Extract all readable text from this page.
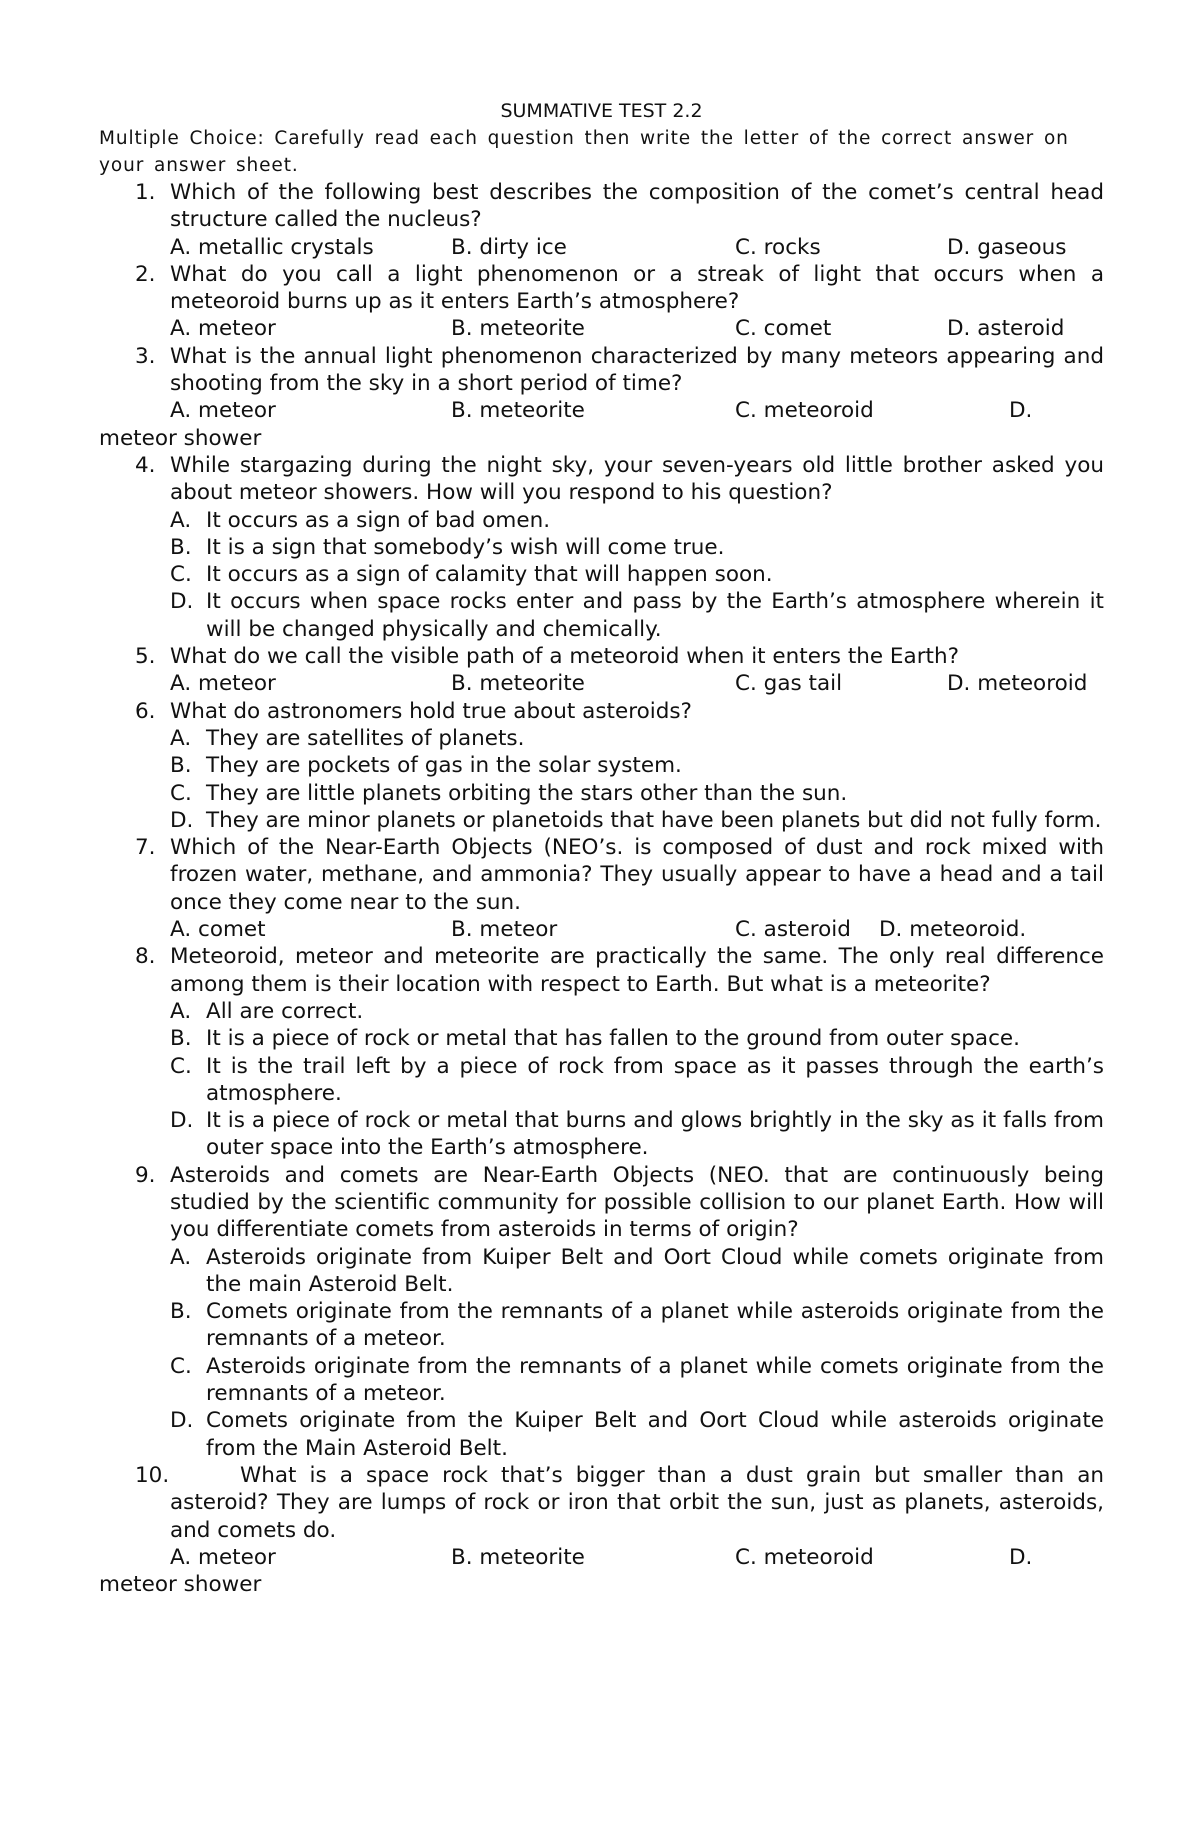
SUMMATIVE TEST 2.2

Multiple Choice: Carefully read each question then write the letter of the correct answer on your answer sheet.

1. Which of the following best describes the composition of the comet’s central head structure called the nucleus?
A. metallic crystals	B. dirty ice	C. rocks	D. gaseous
2. What do you call a light phenomenon or a streak of light that occurs when a meteoroid burns up as it enters Earth’s atmosphere?
A. meteor	B. meteorite	C. comet	D. asteroid
3. What is the annual light phenomenon characterized by many meteors appearing and shooting from the sky in a short period of time?
A. meteor	B. meteorite	C. meteoroid	D.
meteor shower
4. While stargazing during the night sky, your seven-years old little brother asked you about meteor showers. How will you respond to his question?
A. It occurs as a sign of bad omen.
B. It is a sign that somebody’s wish will come true.
C. It occurs as a sign of calamity that will happen soon.
D. It occurs when space rocks enter and pass by the Earth’s atmosphere wherein it will be changed physically and chemically.
5. What do we call the visible path of a meteoroid when it enters the Earth?
A. meteor	B. meteorite	C. gas tail	D. meteoroid
6. What do astronomers hold true about asteroids?
A. They are satellites of planets.
B. They are pockets of gas in the solar system.
C. They are little planets orbiting the stars other than the sun.
D. They are minor planets or planetoids that have been planets but did not fully form.
7. Which of the Near-Earth Objects (NEO’s. is composed of dust and rock mixed with frozen water, methane, and ammonia? They usually appear to have a head and a tail once they come near to the sun.
A. comet	B. meteor	C. asteroid D. meteoroid.
8. Meteoroid, meteor and meteorite are practically the same. The only real difference among them is their location with respect to Earth. But what is a meteorite?
A. All are correct.
B. It is a piece of rock or metal that has fallen to the ground from outer space.
C. It is the trail left by a piece of rock from space as it passes through the earth’s atmosphere.
D. It is a piece of rock or metal that burns and glows brightly in the sky as it falls from outer space into the Earth’s atmosphere.
9. Asteroids and comets are Near-Earth Objects (NEO. that are continuously being studied by the scientific community for possible collision to our planet Earth. How will you differentiate comets from asteroids in terms of origin?
A. Asteroids originate from Kuiper Belt and Oort Cloud while comets originate from the main Asteroid Belt.
B. Comets originate from the remnants of a planet while asteroids originate from the remnants of a meteor.
C. Asteroids originate from the remnants of a planet while comets originate from the remnants of a meteor.
D. Comets originate from the Kuiper Belt and Oort Cloud while asteroids originate from the Main Asteroid Belt.
10.	What is a space rock that’s bigger than a dust grain but smaller than an asteroid? They are lumps of rock or iron that orbit the sun, just as planets, asteroids, and comets do.
A. meteor	B. meteorite	C. meteoroid	D.
meteor shower
